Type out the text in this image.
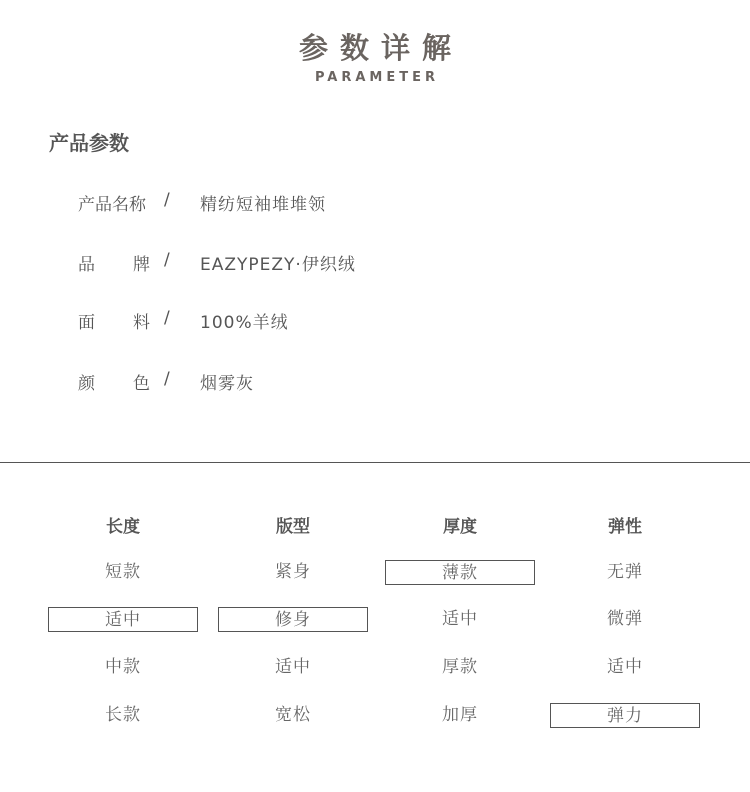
参数详解
PARAMETER
产品参数
产品名称 / 精纺短袖堆堆领
品 牌 / EAZYPEZY·伊织绒
面 料 / 100%羊绒
颜 色 / 烟雾灰
长度
短款
适中
中款
长款
版型
紧身
修身
适中
宽松
厚度
薄款
适中
厚款
加厚
弹性
无弹
微弹
适中
弹力
